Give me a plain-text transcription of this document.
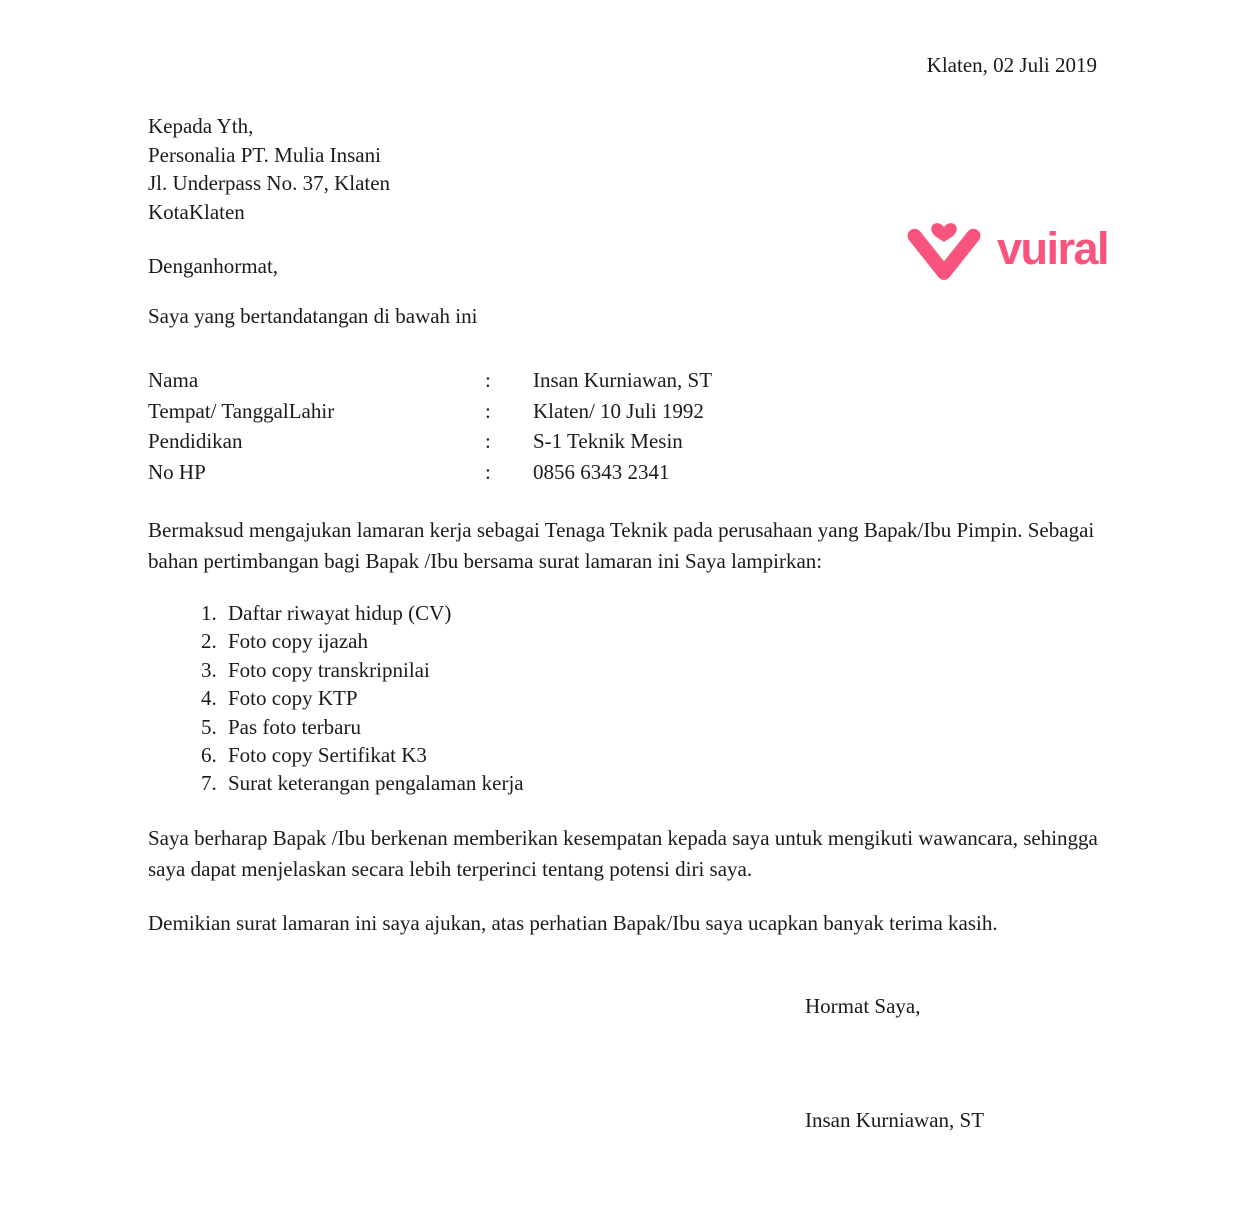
Klaten, 02 Juli 2019
Kepada Yth,
Personalia PT. Mulia Insani
Jl. Underpass No. 37, Klaten
KotaKlaten
vuiral
Denganhormat,
Saya yang bertandatangan di bawah ini
Nama	:	Insan Kurniawan, ST
Tempat/ TanggalLahir	:	Klaten/ 10 Juli 1992
Pendidikan	:	S-1 Teknik Mesin
No HP	:	0856 6343 2341
Bermaksud mengajukan lamaran kerja sebagai Tenaga Teknik pada perusahaan yang Bapak/Ibu Pimpin. Sebagai bahan pertimbangan bagi Bapak /Ibu bersama surat lamaran ini Saya lampirkan:
1. Daftar riwayat hidup (CV)
2. Foto copy ijazah
3. Foto copy transkripnilai
4. Foto copy KTP
5. Pas foto terbaru
6. Foto copy Sertifikat K3
7. Surat keterangan pengalaman kerja
Saya berharap Bapak /Ibu berkenan memberikan kesempatan kepada saya untuk mengikuti wawancara, sehingga saya dapat menjelaskan secara lebih terperinci tentang potensi diri saya.
Demikian surat lamaran ini saya ajukan, atas perhatian Bapak/Ibu saya ucapkan banyak terima kasih.
Hormat Saya,
Insan Kurniawan, ST
